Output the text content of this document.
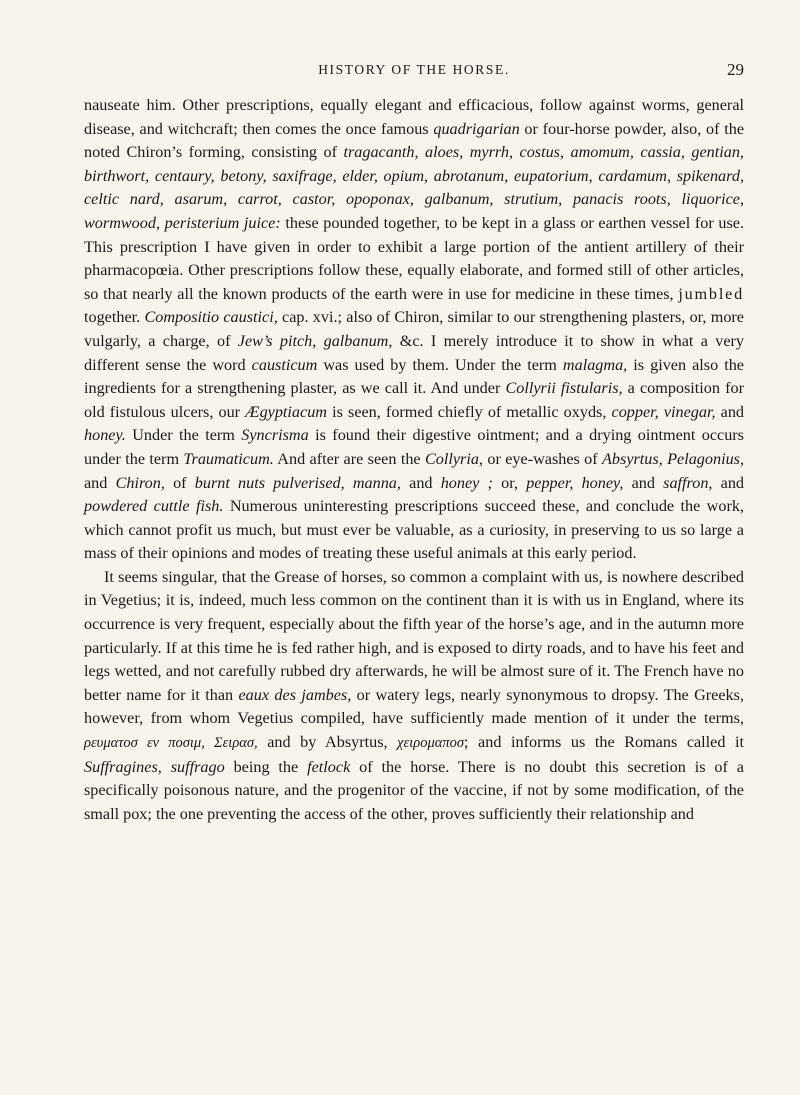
HISTORY OF THE HORSE.	29

nauseate him. Other prescriptions, equally elegant and efficacious, follow against worms, general disease, and witchcraft; then comes the once famous quadrigarian or four-horse powder, also, of the noted Chiron’s forming, consisting of tragacanth, aloes, myrrh, costus, amomum, cassia, gentian, birthwort, centaury, betony, saxifrage, elder, opium, abrotanum, eupatorium, cardamum, spikenard, celtic nard, asarum, carrot, castor, opoponax, galbanum, strutium, panacis roots, liquorice, wormwood, peristerium juice: these pounded together, to be kept in a glass or earthen vessel for use. This prescription I have given in order to exhibit a large portion of the antient artillery of their pharmacopœia. Other prescriptions follow these, equally elaborate, and formed still of other articles, so that nearly all the known products of the earth were in use for medicine in these times, jumbled together. Compositio caustici, cap. xvi.; also of Chiron, similar to our strengthening plasters, or, more vulgarly, a charge, of Jew’s pitch, galbanum, &c. I merely introduce it to show in what a very different sense the word causticum was used by them. Under the term malagma, is given also the ingredients for a strengthening plaster, as we call it. And under Collyrii fistularis, a composition for old fistulous ulcers, our Ægyptiacum is seen, formed chiefly of metallic oxyds, copper, vinegar, and honey. Under the term Syncrisma is found their digestive ointment; and a drying ointment occurs under the term Traumaticum. And after are seen the Collyria, or eye-washes of Absyrtus, Pelagonius, and Chiron, of burnt nuts pulverised, manna, and honey ; or, pepper, honey, and saffron, and powdered cuttle fish. Numerous uninteresting prescriptions succeed these, and conclude the work, which cannot profit us much, but must ever be valuable, as a curiosity, in preserving to us so large a mass of their opinions and modes of treating these useful animals at this early period.

It seems singular, that the Grease of horses, so common a complaint with us, is nowhere described in Vegetius; it is, indeed, much less common on the continent than it is with us in England, where its occurrence is very frequent, especially about the fifth year of the horse’s age, and in the autumn more particularly. If at this time he is fed rather high, and is exposed to dirty roads, and to have his feet and legs wetted, and not carefully rubbed dry afterwards, he will be almost sure of it. The French have no better name for it than eaux des jambes, or watery legs, nearly synonymous to dropsy. The Greeks, however, from whom Vegetius compiled, have sufficiently made mention of it under the terms, ρευματοσ εν ποσιμ, Σειρασ, and by Absyrtus, χειρομαποσ; and informs us the Romans called it Suffragines, suffrago being the fetlock of the horse. There is no doubt this secretion is of a specifically poisonous nature, and the progenitor of the vaccine, if not by some modification, of the small pox; the one preventing the access of the other, proves sufficiently their relationship and
